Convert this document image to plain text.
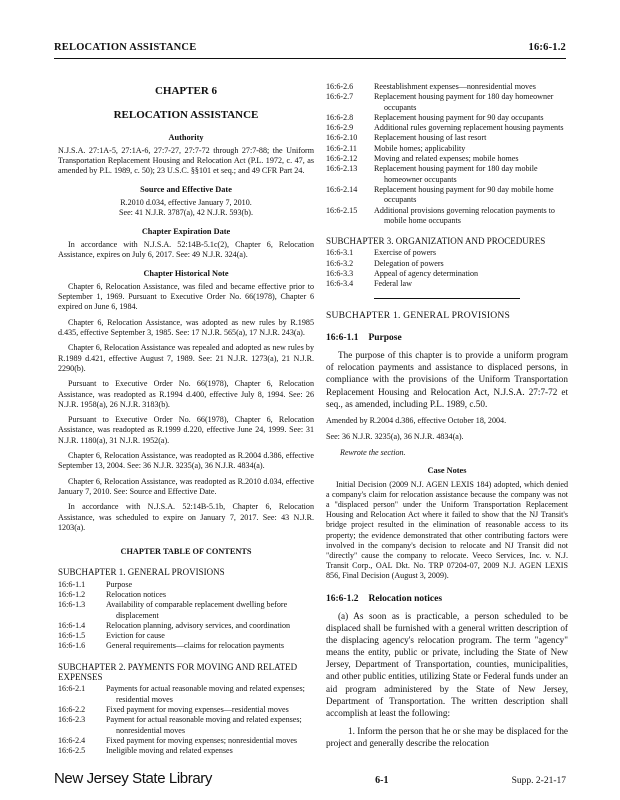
RELOCATION ASSISTANCE	16:6-1.2
CHAPTER 6
RELOCATION ASSISTANCE
Authority

N.J.S.A. 27:1A-5, 27:1A-6, 27:7-27, 27:7-72 through 27:7-88; the Uniform Transportation Replacement Housing and Relocation Act (P.L. 1972, c. 47, as amended by P.L. 1989, c. 50); 23 U.S.C. §§101 et seq.; and 49 CFR Part 24.

Source and Effective Date
R.2010 d.034, effective January 7, 2010.
See: 41 N.J.R. 3787(a), 42 N.J.R. 593(b).
Chapter Expiration Date

In accordance with N.J.S.A. 52:14B-5.1c(2), Chapter 6, Relocation Assistance, expires on July 6, 2017. See: 49 N.J.R. 324(a).

Chapter Historical Note

Chapter 6, Relocation Assistance, was filed and became effective prior to September 1, 1969. Pursuant to Executive Order No. 66(1978), Chapter 6 expired on June 6, 1984.

Chapter 6, Relocation Assistance, was adopted as new rules by R.1985 d.435, effective September 3, 1985. See: 17 N.J.R. 565(a), 17 N.J.R. 243(a).

Chapter 6, Relocation Assistance was repealed and adopted as new rules by R.1989 d.421, effective August 7, 1989. See: 21 N.J.R. 1273(a), 21 N.J.R. 2290(b).

Pursuant to Executive Order No. 66(1978), Chapter 6, Relocation Assistance, was readopted as R.1994 d.400, effective July 8, 1994. See: 26 N.J.R. 1958(a), 26 N.J.R. 3183(b).

Pursuant to Executive Order No. 66(1978), Chapter 6, Relocation Assistance, was readopted as R.1999 d.220, effective June 24, 1999. See: 31 N.J.R. 1180(a), 31 N.J.R. 1952(a).

Chapter 6, Relocation Assistance, was readopted as R.2004 d.386, effective September 13, 2004. See: 36 N.J.R. 3235(a), 36 N.J.R. 4834(a).

Chapter 6, Relocation Assistance, was readopted as R.2010 d.034, effective January 7, 2010. See: Source and Effective Date.

In accordance with N.J.S.A. 52:14B-5.1b, Chapter 6, Relocation Assistance, was scheduled to expire on January 7, 2017. See: 43 N.J.R. 1203(a).

CHAPTER TABLE OF CONTENTS
SUBCHAPTER 1. GENERAL PROVISIONS
16:6-1.1	Purpose
16:6-1.2	Relocation notices
16:6-1.3	Availability of comparable replacement dwelling before displacement
16:6-1.4	Relocation planning, advisory services, and coordination
16:6-1.5	Eviction for cause
16:6-1.6	General requirements—claims for relocation payments
SUBCHAPTER 2. PAYMENTS FOR MOVING AND RELATED EXPENSES
16:6-2.1	Payments for actual reasonable moving and related expenses; residential moves
16:6-2.2	Fixed payment for moving expenses—residential moves
16:6-2.3	Payment for actual reasonable moving and related expenses; nonresidential moves
16:6-2.4	Fixed payment for moving expenses; nonresidential moves
16:6-2.5	Ineligible moving and related expenses
16:6-2.6	Reestablishment expenses—nonresidential moves
16:6-2.7	Replacement housing payment for 180 day homeowner occupants
16:6-2.8	Replacement housing payment for 90 day occupants
16:6-2.9	Additional rules governing replacement housing payments
16:6-2.10	Replacement housing of last resort
16:6-2.11	Mobile homes; applicability
16:6-2.12	Moving and related expenses; mobile homes
16:6-2.13	Replacement housing payment for 180 day mobile homeowner occupants
16:6-2.14	Replacement housing payment for 90 day mobile home occupants
16:6-2.15	Additional provisions governing relocation payments to mobile home occupants
SUBCHAPTER 3. ORGANIZATION AND PROCEDURES
16:6-3.1	Exercise of powers
16:6-3.2	Delegation of powers
16:6-3.3	Appeal of agency determination
16:6-3.4	Federal law
SUBCHAPTER 1. GENERAL PROVISIONS
16:6-1.1 Purpose

The purpose of this chapter is to provide a uniform program of relocation payments and assistance to displaced persons, in compliance with the provisions of the Uniform Transportation Replacement Housing and Relocation Act, N.J.S.A. 27:7-72 et seq., as amended, including P.L. 1989, c.50.

Amended by R.2004 d.386, effective October 18, 2004.
See: 36 N.J.R. 3235(a), 36 N.J.R. 4834(a).
Rewrote the section.
Case Notes

Initial Decision (2009 N.J. AGEN LEXIS 184) adopted, which denied a company's claim for relocation assistance because the company was not a "displaced person" under the Uniform Transportation Replacement Housing and Relocation Act where it failed to show that the NJ Transit's bridge project resulted in the elimination of reasonable access to its property; the evidence demonstrated that other contributing factors were involved in the company's decision to relocate and NJ Transit did not "directly" cause the company to relocate. Veeco Services, Inc. v. N.J. Transit Corp., OAL Dkt. No. TRP 07204-07, 2009 N.J. AGEN LEXIS 856, Final Decision (August 3, 2009).

16:6-1.2 Relocation notices

(a) As soon as is practicable, a person scheduled to be displaced shall be furnished with a general written description of the displacing agency's relocation program. The term "agency" means the entity, public or private, including the State of New Jersey, Department of Transportation, counties, municipalities, and other public entities, utilizing State or Federal funds under an aid program administered by the State of New Jersey, Department of Transportation. The written description shall accomplish at least the following:

1. Inform the person that he or she may be displaced for the project and generally describe the relocation

New Jersey State Library	6-1	Supp. 2-21-17
